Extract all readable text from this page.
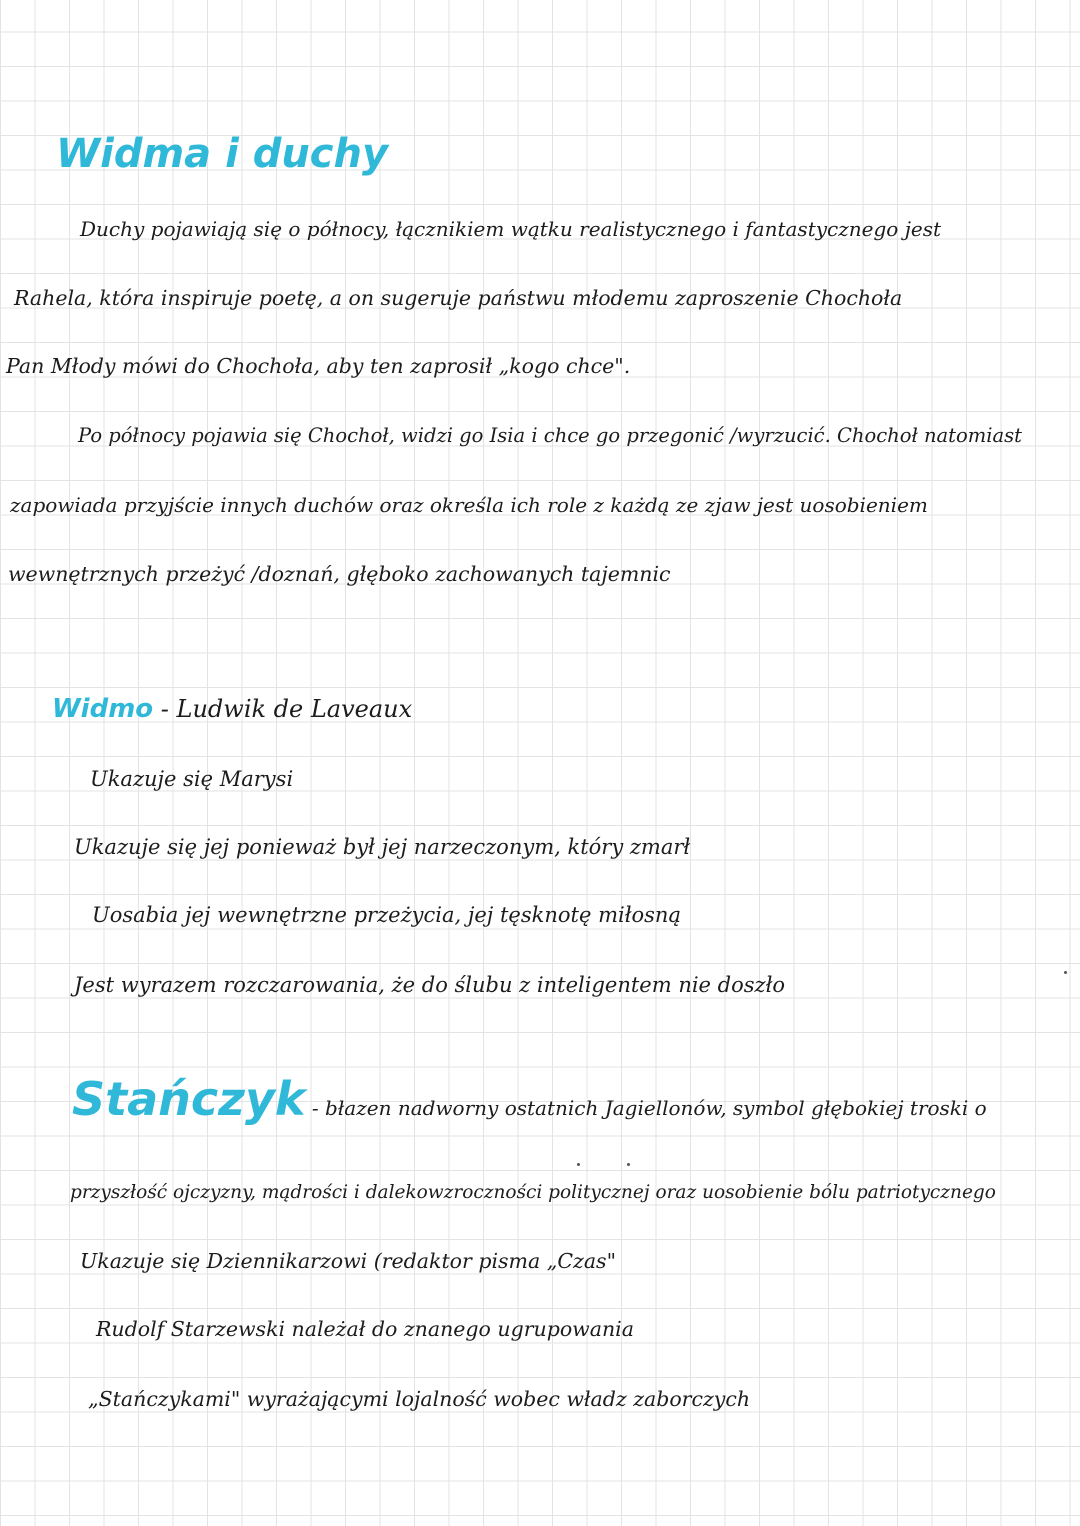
Widma i duchy
Duchy pojawiają się o północy, łącznikiem wątku realistycznego i fantastycznego jest
Rahela, która inspiruje poetę, a on sugeruje państwu młodemu zaproszenie Chochoła
Pan Młody mówi do Chochoła, aby ten zaprosił „kogo chce".
Po północy pojawia się Chochoł, widzi go Isia i chce go przegonić /wyrzucić. Chochoł natomiast
zapowiada przyjście innych duchów oraz określa ich role z każdą ze zjaw jest uosobieniem
wewnętrznych przeżyć /doznań, głęboko zachowanych tajemnic
Widmo - Ludwik de Laveaux
Ukazuje się Marysi
Ukazuje się jej ponieważ był jej narzeczonym, który zmarł
Uosabia jej wewnętrzne przeżycia, jej tęsknotę miłosną
Jest wyrazem rozczarowania, że do ślubu z inteligentem nie doszło
Stańczyk - błazen nadworny ostatnich Jagiellonów, symbol głębokiej troski o
przyszłość ojczyzny, mądrości i dalekowzroczności politycznej oraz uosobienie bólu patriotycznego
Ukazuje się Dziennikarzowi (redaktor pisma „Czas"
Rudolf Starzewski należał do znanego ugrupowania
„Stańczykami" wyrażającymi lojalność wobec władz zaborczych
